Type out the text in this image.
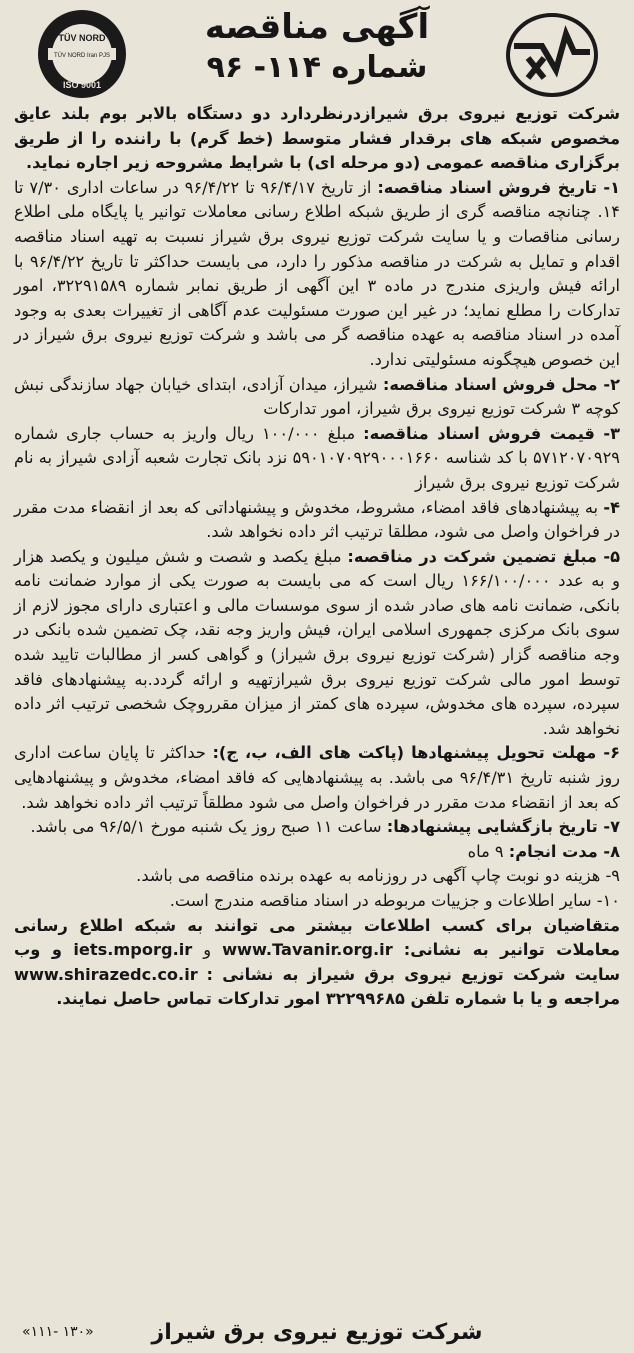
TÜV NORD
TÜV NORD Iran PJS
ISO 9001
آگهی مناقصه
شماره ۱۱۴- ۹۶

شرکت توزیع نیروی برق شیرازدرنظردارد دو دستگاه بالابر بوم بلند عایق مخصوص شبکه های برقدار فشار متوسط (خط گرم) با راننده را از طریق برگزاری مناقصه عمومی (دو مرحله ای) با شرایط مشروحه زیر اجاره نماید.

۱- تاریخ فروش اسناد مناقصه: از تاریخ ۹۶/۴/۱۷ تا ۹۶/۴/۲۲ در ساعات اداری ۷/۳۰ تا ۱۴. چنانچه مناقصه گری از طریق شبکه اطلاع رسانی معاملات توانیر یا پایگاه ملی اطلاع رسانی مناقصات و یا سایت شرکت توزیع نیروی برق شیراز نسبت به تهیه اسناد مناقصه اقدام و تمایل به شرکت در مناقصه مذکور را دارد، می بایست حداکثر تا تاریخ ۹۶/۴/۲۲ با ارائه فیش واریزی مندرج در ماده ۳ این آگهی از طریق نمابر شماره ۳۲۲۹۱۵۸۹، امور تدارکات را مطلع نماید؛ در غیر این صورت مسئولیت عدم آگاهی از تغییرات بعدی به وجود آمده در اسناد مناقصه به عهده مناقصه گر می باشد و شرکت توزیع نیروی برق شیراز در این خصوص هیچگونه مسئولیتی ندارد.

۲- محل فروش اسناد مناقصه: شیراز، میدان آزادی، ابتدای خیابان جهاد سازندگی نبش کوچه ۳ شرکت توزیع نیروی برق شیراز، امور تدارکات

۳- قیمت فروش اسناد مناقصه: مبلغ ۱۰۰/۰۰۰ ریال واریز به حساب جاری شماره ۵۷۱۲۰۷۰۹۲۹ با کد شناسه ۵۹۰۱۰۷۰۹۲۹۰۰۰۱۶۶۰ نزد بانک تجارت شعبه آزادی شیراز به نام شرکت توزیع نیروی برق شیراز

۴- به پیشنهادهای فاقد امضاء، مشروط، مخدوش و پیشنهاداتی که بعد از انقضاء مدت مقرر در فراخوان واصل می شود، مطلقا ترتیب اثر داده نخواهد شد.

۵- مبلغ تضمین شرکت در مناقصه: مبلغ یکصد و شصت و شش میلیون و یکصد هزار و به عدد ۱۶۶/۱۰۰/۰۰۰ ریال است که می بایست به صورت یکی از موارد ضمانت نامه بانکی، ضمانت نامه های صادر شده از سوی موسسات مالی و اعتباری دارای مجوز لازم از سوی بانک مرکزی جمهوری اسلامی ایران، فیش واریز وجه نقد، چک تضمین شده بانکی در وجه مناقصه گزار (شرکت توزیع نیروی برق شیراز) و گواهی کسر از مطالبات تایید شده توسط امور مالی شرکت توزیع نیروی برق شیرازتهیه و ارائه گردد.به پیشنهادهای فاقد سپرده، سپرده های مخدوش، سپرده های کمتر از میزان مقرروچک شخصی ترتیب اثر داده نخواهد شد.

۶- مهلت تحویل پیشنهادها (پاکت های الف، ب، ج): حداکثر تا پایان ساعت اداری روز شنبه تاریخ ۹۶/۴/۳۱ می باشد. به پیشنهادهایی که فاقد امضاء، مخدوش و پیشنهادهایی که بعد از انقضاء مدت مقرر در فراخوان واصل می شود مطلقاً ترتیب اثر داده نخواهد شد.

۷- تاریخ بازگشایی پیشنهادها: ساعت ۱۱ صبح روز یک شنبه مورخ ۹۶/۵/۱ می باشد.

۸- مدت انجام: ۹ ماه

۹- هزینه دو نوبت چاپ آگهی در روزنامه به عهده برنده مناقصه می باشد.

۱۰- سایر اطلاعات و جزییات مربوطه در اسناد مناقصه مندرج است.

متقاضیان برای کسب اطلاعات بیشتر می توانند به شبکه اطلاع رسانی معاملات توانیر به نشانی: www.Tavanir.org.ir و iets.mporg.ir و وب سایت شرکت توزیع نیروی برق شیراز به نشانی : www.shirazedc.co.ir مراجعه و یا با شماره تلفن ۳۲۲۹۹۶۸۵ امور تدارکات تماس حاصل نمایند.

شرکت توزیع نیروی برق شیراز
«۱۱۱- ۱۳۰»
